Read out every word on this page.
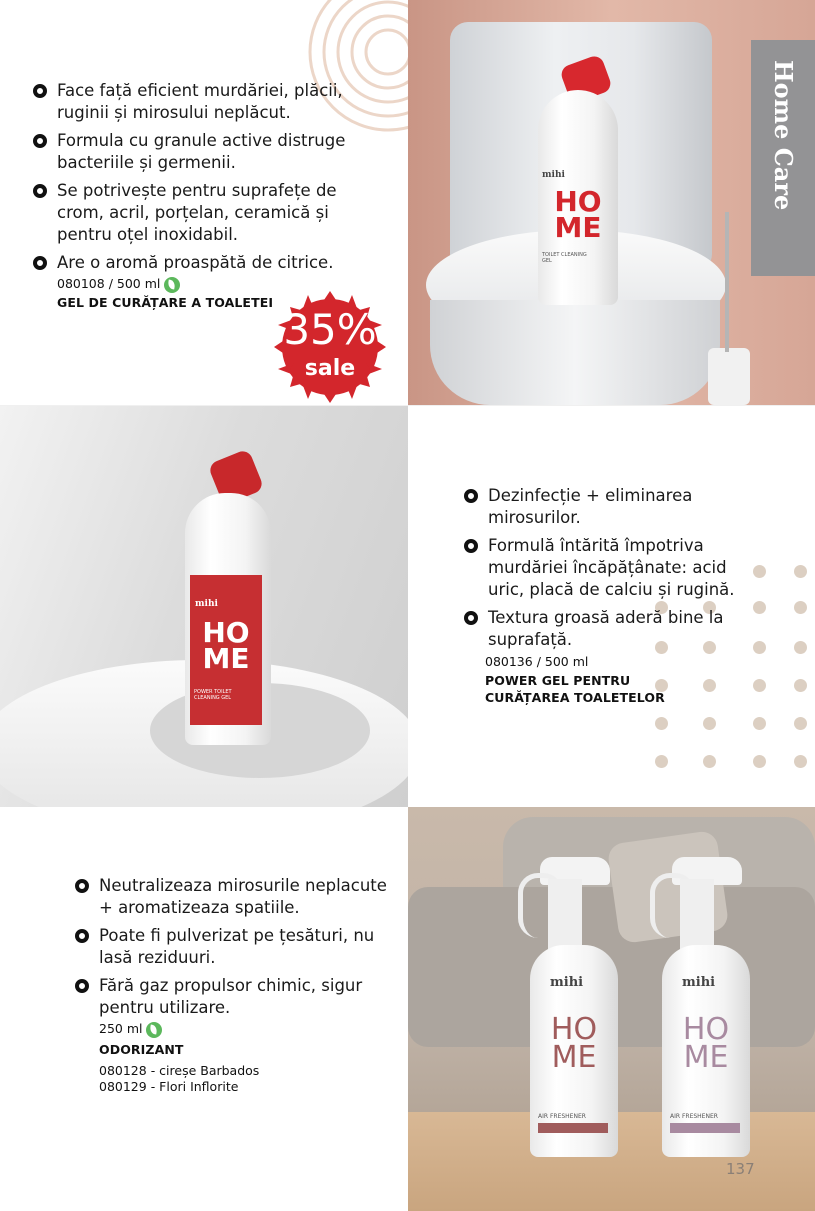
Face față eficient murdăriei, plăcii, ruginii și mirosului neplăcut.
Formula cu granule active distruge bacteriile și germenii.
Se potrivește pentru suprafețe de crom, acril, porțelan, ceramică și pentru oțel inoxidabil.
Are o aromă proaspătă de citrice.
080108 / 500 ml
GEL DE CURĂȚARE A TOALETEI
35%
sale
mihi
HO
ME
TOILET CLEANING GEL
Home Care
mihi
HO
ME
POWER TOILET CLEANING GEL
Dezinfecție + eliminarea mirosurilor.
Formulă întărită împotriva murdăriei încăpățânate: acid uric, placă de calciu și rugină.
Textura groasă aderă bine la suprafață.
080136 / 500 ml
POWER GEL PENTRU
CURĂȚAREA TOALETELOR
Neutralizeaza mirosurile neplacute + aromatizeaza spatiile.
Poate fi pulverizat pe țesături, nu lasă reziduuri.
Fără gaz propulsor chimic, sigur pentru utilizare.
250 ml
ODORIZANT
080128 - cireșe Barbados
080129 - Flori Inflorite
mihi
HO
ME
AIR FRESHENER
mihi
HO
ME
AIR FRESHENER
137
